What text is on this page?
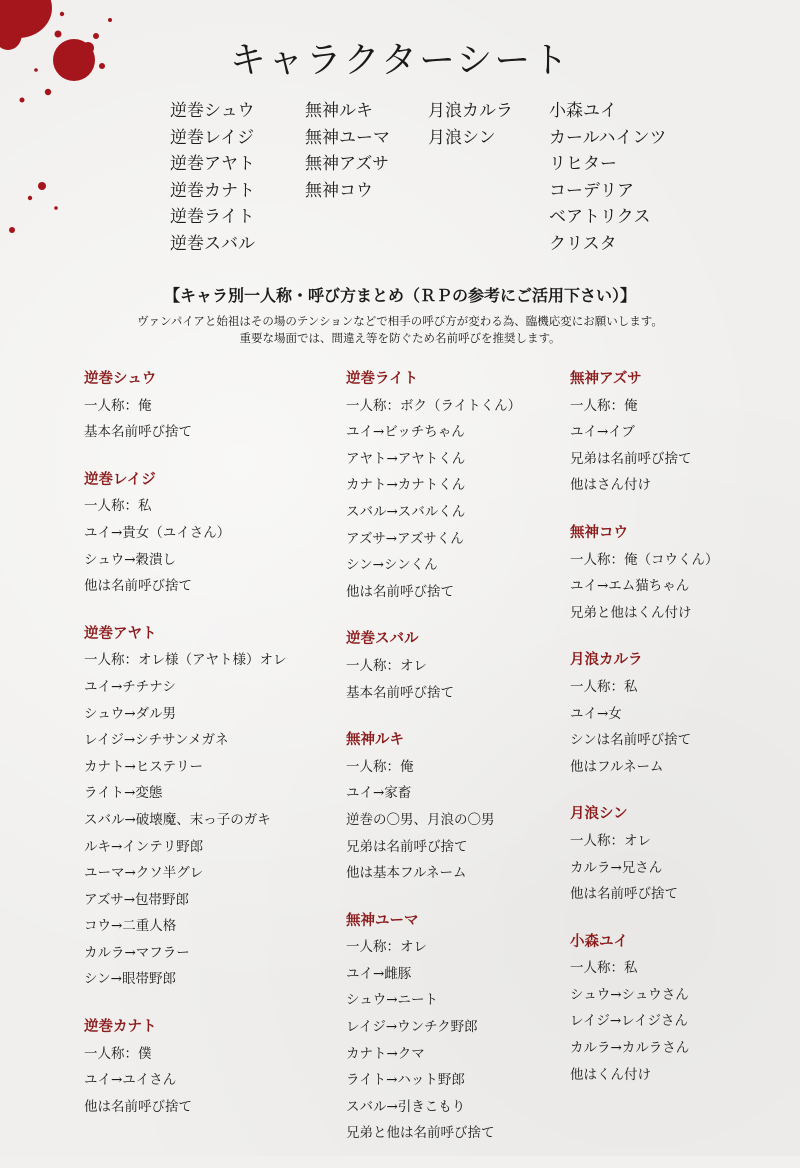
キャラクターシート
逆巻シュウ
逆巻レイジ
逆巻アヤト
逆巻カナト
逆巻ライト
逆巻スバル
無神ルキ
無神ユーマ
無神アズサ
無神コウ
月浪カルラ
月浪シン
小森ユイ
カールハインツ
リヒター
コーデリア
ベアトリクス
クリスタ
【キャラ別一人称・呼び方まとめ（ＲＰの参考にご活用下さい）】
ヴァンパイアと始祖はその場のテンションなどで相手の呼び方が変わる為、臨機応変にお願いします。
重要な場面では、間違え等を防ぐため名前呼びを推奨します。
逆巻シュウ
一人称：俺
基本名前呼び捨て
逆巻レイジ
一人称：私
ユイ→貴女（ユイさん）
シュウ→穀潰し
他は名前呼び捨て
逆巻アヤト
一人称：オレ様（アヤト様）オレ
ユイ→チチナシ
シュウ→ダル男
レイジ→シチサンメガネ
カナト→ヒステリー
ライト→変態
スバル→破壊魔、末っ子のガキ
ルキ→インテリ野郎
ユーマ→クソ半グレ
アズサ→包帯野郎
コウ→二重人格
カルラ→マフラー
シン→眼帯野郎
逆巻カナト
一人称：僕
ユイ→ユイさん
他は名前呼び捨て
逆巻ライト
一人称：ボク（ライトくん）
ユイ→ビッチちゃん
アヤト→アヤトくん
カナト→カナトくん
スバル→スバルくん
アズサ→アズサくん
シン→シンくん
他は名前呼び捨て
逆巻スバル
一人称：オレ
基本名前呼び捨て
無神ルキ
一人称：俺
ユイ→家畜
逆巻の〇男、月浪の〇男
兄弟は名前呼び捨て
他は基本フルネーム
無神ユーマ
一人称：オレ
ユイ→雌豚
シュウ→ニート
レイジ→ウンチク野郎
カナト→クマ
ライト→ハット野郎
スバル→引きこもり
兄弟と他は名前呼び捨て
無神アズサ
一人称：俺
ユイ→イブ
兄弟は名前呼び捨て
他はさん付け
無神コウ
一人称：俺（コウくん）
ユイ→エム猫ちゃん
兄弟と他はくん付け
月浪カルラ
一人称：私
ユイ→女
シンは名前呼び捨て
他はフルネーム
月浪シン
一人称：オレ
カルラ→兄さん
他は名前呼び捨て
小森ユイ
一人称：私
シュウ→シュウさん
レイジ→レイジさん
カルラ→カルラさん
他はくん付け
